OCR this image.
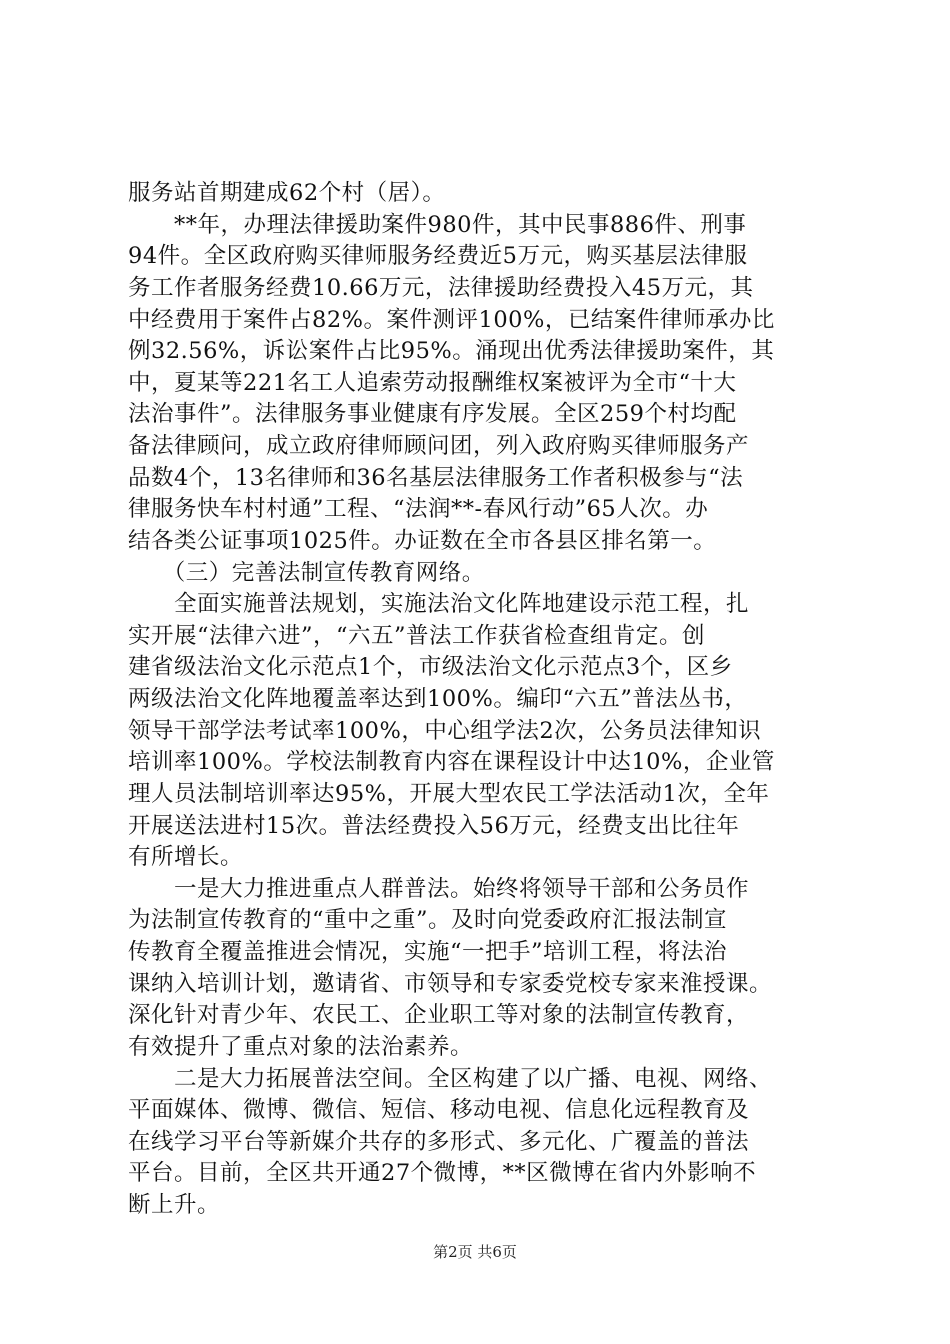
服务站首期建成62个村（居）。
　　**年，办理法律援助案件980件，其中民事886件、刑事
94件。全区政府购买律师服务经费近5万元，购买基层法律服
务工作者服务经费10.66万元，法律援助经费投入45万元，其
中经费用于案件占82%。案件测评100%，已结案件律师承办比
例32.56%，诉讼案件占比95%。涌现出优秀法律援助案件，其
中，夏某等221名工人追索劳动报酬维权案被评为全市“十大
法治事件”。法律服务事业健康有序发展。全区259个村均配
备法律顾问，成立政府律师顾问团，列入政府购买律师服务产
品数4个，13名律师和36名基层法律服务工作者积极参与“法
律服务快车村村通”工程、“法润**-春风行动”65人次。办
结各类公证事项1025件。办证数在全市各县区排名第一。
　　（三）完善法制宣传教育网络。
　　全面实施普法规划，实施法治文化阵地建设示范工程，扎
实开展“法律六进”，“六五”普法工作获省检查组肯定。创
建省级法治文化示范点1个，市级法治文化示范点3个，区乡
两级法治文化阵地覆盖率达到100%。编印“六五”普法丛书，
领导干部学法考试率100%，中心组学法2次，公务员法律知识
培训率100%。学校法制教育内容在课程设计中达10%，企业管
理人员法制培训率达95%，开展大型农民工学法活动1次，全年
开展送法进村15次。普法经费投入56万元，经费支出比往年
有所增长。
　　一是大力推进重点人群普法。始终将领导干部和公务员作
为法制宣传教育的“重中之重”。及时向党委政府汇报法制宣
传教育全覆盖推进会情况，实施“一把手”培训工程，将法治
课纳入培训计划，邀请省、市领导和专家委党校专家来淮授课。
深化针对青少年、农民工、企业职工等对象的法制宣传教育，
有效提升了重点对象的法治素养。
　　二是大力拓展普法空间。全区构建了以广播、电视、网络、
平面媒体、微博、微信、短信、移动电视、信息化远程教育及
在线学习平台等新媒介共存的多形式、多元化、广覆盖的普法
平台。目前，全区共开通27个微博，**区微博在省内外影响不
断上升。
第2页 共6页
